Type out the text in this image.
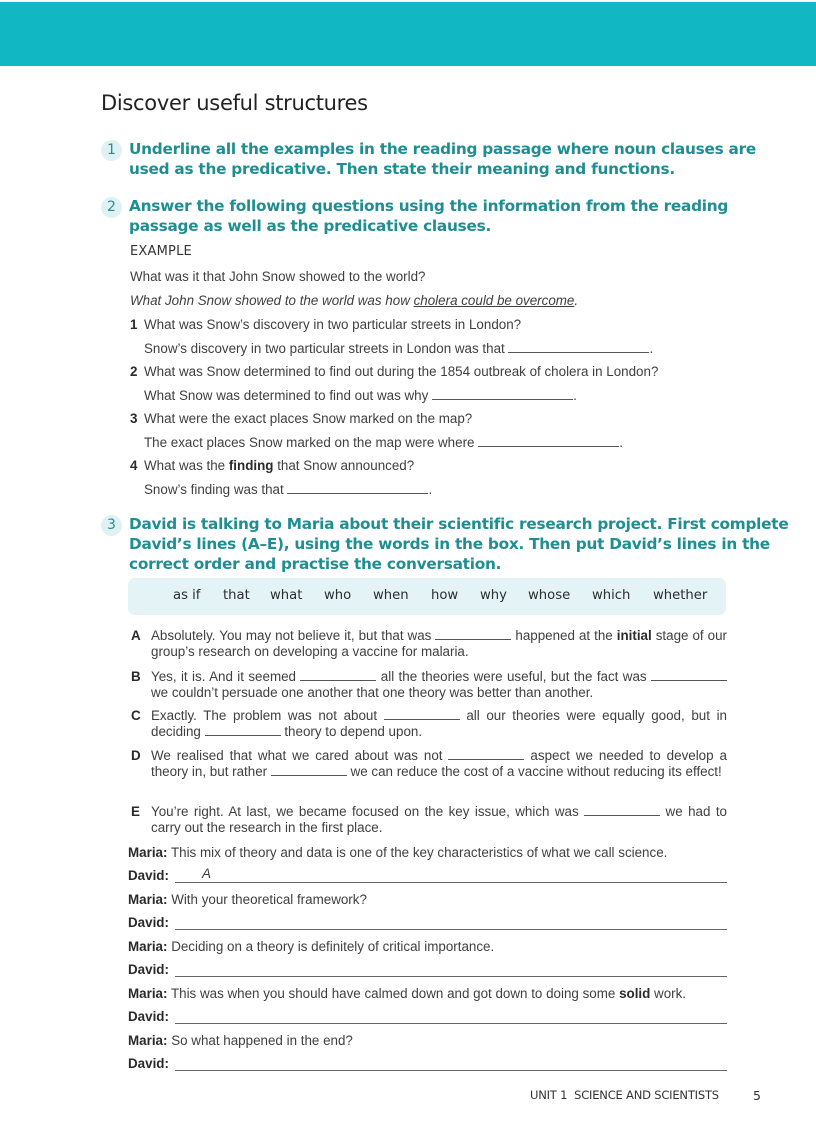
Discover useful structures
1 Underline all the examples in the reading passage where noun clauses are
used as the predicative. Then state their meaning and functions.
2 Answer the following questions using the information from the reading
passage as well as the predicative clauses.
EXAMPLE
What was it that John Snow showed to the world?
What John Snow showed to the world was how cholera could be overcome.
1 What was Snow’s discovery in two particular streets in London?
Snow’s discovery in two particular streets in London was that	.
2 What was Snow determined to find out during the 1854 outbreak of cholera in London?
What Snow was determined to find out was why	.
3 What were the exact places Snow marked on the map?
The exact places Snow marked on the map were where	.
4 What was the finding that Snow announced?
Snow’s finding was that	.
3 David is talking to Maria about their scientific research project. First complete
David’s lines (A–E), using the words in the box. Then put David’s lines in the
correct order and practise the conversation.
as if that what who when how why whose which whether
A Absolutely. You may not believe it, but that was	happened at the initial stage of our group’s research on developing a vaccine for malaria.
B Yes, it is. And it seemed	all the theories were useful, but the fact was  we couldn’t persuade one another that one theory was better than another.
C Exactly. The problem was not about	all our theories were equally good, but in deciding	theory to depend upon.
D We realised that what we cared about was not	aspect we needed to develop a theory in, but rather	we can reduce the cost of a vaccine without reducing its effect!
E You’re right. At last, we became focused on the key issue, which was	we had to carry out the research in the first place.
Maria: This mix of theory and data is one of the key characteristics of what we call science.
David: A
Maria: With your theoretical framework?
David:
Maria: Deciding on a theory is definitely of critical importance.
David:
Maria: This was when you should have calmed down and got down to doing some solid work.
David:
Maria: So what happened in the end?
David:
UNIT 1  SCIENCE AND SCIENTISTS	5
